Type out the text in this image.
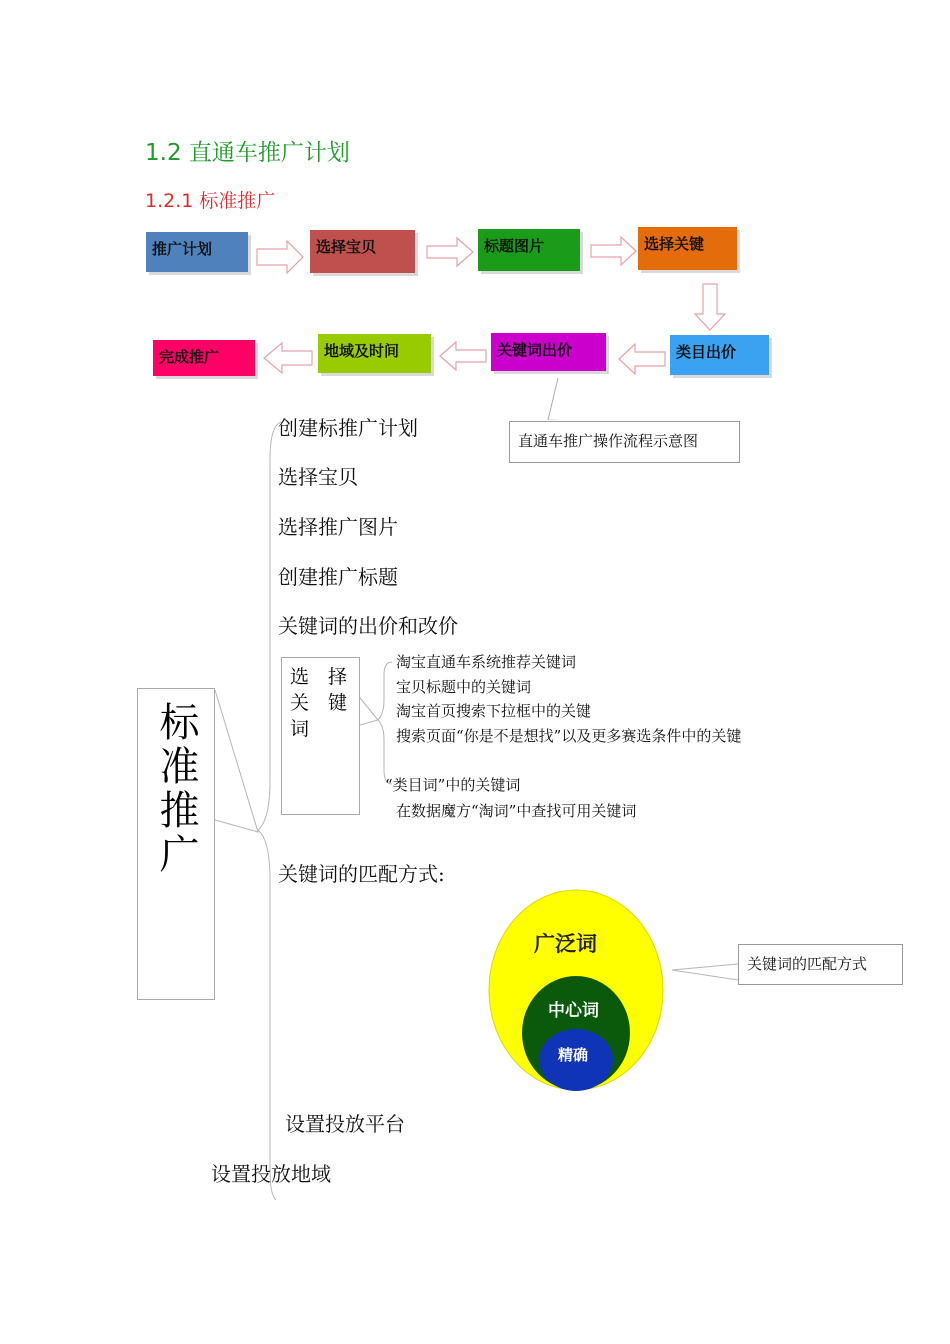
1.2 直通车推广计划
1.2.1 标准推广
推广计划	选择宝贝	标题图片	选择关键
类目出价
关键词出价
地域及时间
完成推广
直通车推广操作流程示意图
标准推广
创建标推广计划
选择宝贝
选择推广图片
创建推广标题
关键词的出价和改价
选　择
关　键
词
淘宝直通车系统推荐关键词
宝贝标题中的关键词
淘宝首页搜索下拉框中的关键
搜索页面“你是不是想找”以及更多赛选条件中的关键
“类目词”中的关键词
在数据魔方“淘词”中查找可用关键词
关键词的匹配方式:
广泛词
中心词
精确
关键词的匹配方式
设置投放平台
设置投放地域
